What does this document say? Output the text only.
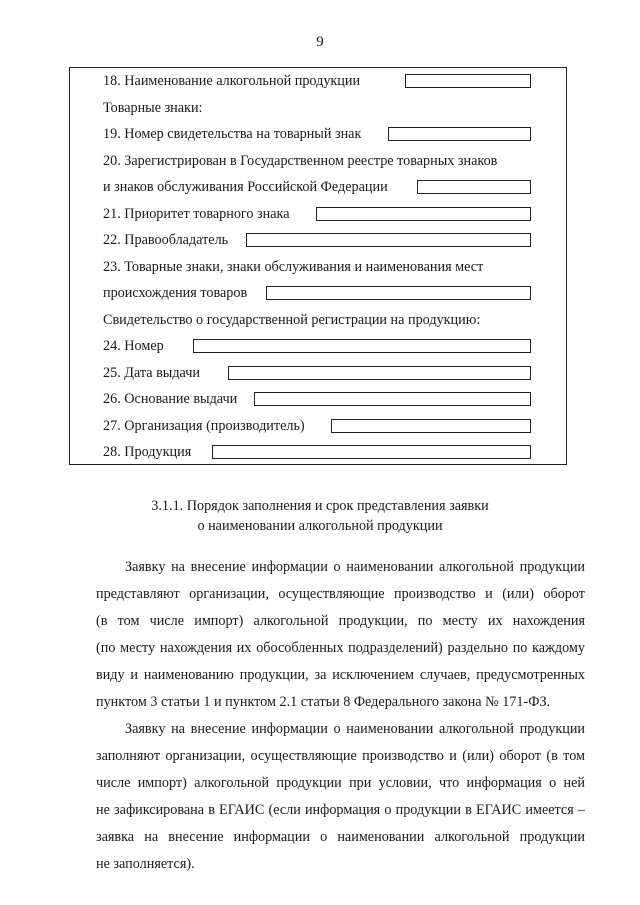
9
18. Наименование алкогольной продукции
Товарные знаки:
19. Номер свидетельства на товарный знак
20. Зарегистрирован в Государственном реестре товарных знаков
и знаков обслуживания Российской Федерации
21. Приоритет товарного знака
22. Правообладатель
23. Товарные знаки, знаки обслуживания и наименования мест
происхождения товаров
Свидетельство о государственной регистрации на продукцию:
24. Номер
25. Дата выдачи
26. Основание выдачи
27. Организация (производитель)
28. Продукция
3.1.1. Порядок заполнения и срок представления заявки
о наименовании алкогольной продукции
Заявку на внесение информации о наименовании алкогольной продукции
представляют организации, осуществляющие производство и (или) оборот
(в том числе импорт) алкогольной продукции, по месту их нахождения
(по месту нахождения их обособленных подразделений) раздельно по каждому
виду и наименованию продукции, за исключением случаев, предусмотренных
пунктом 3 статьи 1 и пунктом 2.1 статьи 8 Федерального закона № 171-ФЗ.
Заявку на внесение информации о наименовании алкогольной продукции
заполняют организации, осуществляющие производство и (или) оборот (в том
числе импорт) алкогольной продукции при условии, что информация о ней
не зафиксирована в ЕГАИС (если информация о продукции в ЕГАИС имеется –
заявка на внесение информации о наименовании алкогольной продукции
не заполняется).
